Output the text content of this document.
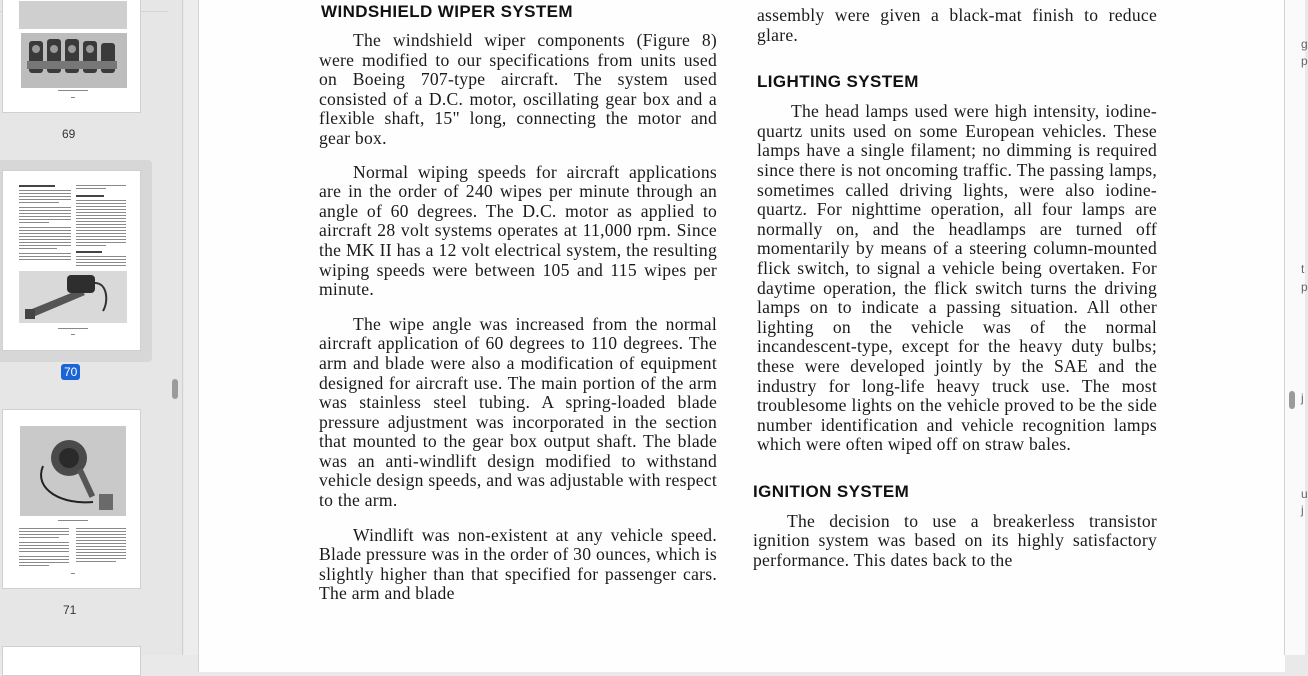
69
70
71
WINDSHIELD WIPER SYSTEM

The windshield wiper components (Figure 8) were modified to our specifications from units used on Boeing 707-type aircraft. The system used consisted of a D.C. motor, oscillating gear box and a flexible shaft, 15" long, connecting the motor and gear box.

Normal wiping speeds for aircraft applications are in the order of 240 wipes per minute through an angle of 60 degrees. The D.C. motor as applied to aircraft 28 volt systems operates at 11,000 rpm. Since the MK II has a 12 volt electrical system, the resulting wiping speeds were between 105 and 115 wipes per minute.

The wipe angle was increased from the normal aircraft application of 60 degrees to 110 degrees. The arm and blade were also a modification of equipment designed for aircraft use. The main portion of the arm was stainless steel tubing. A spring-loaded blade pressure adjustment was incorporated in the section that mounted to the gear box output shaft. The blade was an anti-windlift design modified to withstand vehicle design speeds, and was adjustable with respect to the arm.

Windlift was non-existent at any vehicle speed. Blade pressure was in the order of 30 ounces, which is slightly higher than that specified for passenger cars. The arm and blade

assembly were given a black-mat finish to reduce glare.

LIGHTING SYSTEM

The head lamps used were high intensity, iodine-quartz units used on some European vehicles. These lamps have a single filament; no dimming is required since there is not oncoming traffic. The passing lamps, sometimes called driving lights, were also iodine-quartz. For nighttime operation, all four lamps are normally on, and the headlamps are turned off momentarily by means of a steering column-mounted flick switch, to signal a vehicle being overtaken. For daytime operation, the flick switch turns the driving lamps on to indicate a passing situation. All other lighting on the vehicle was of the normal incandescent-type, except for the heavy duty bulbs; these were developed jointly by the SAE and the industry for long-life heavy truck use. The most troublesome lights on the vehicle proved to be the side number identification and vehicle recognition lamps which were often wiped off on straw bales.

IGNITION SYSTEM

The decision to use a breakerless transistor ignition system was based on its highly satisfactory performance. This dates back to the

g
p
t
p
j
u
j
